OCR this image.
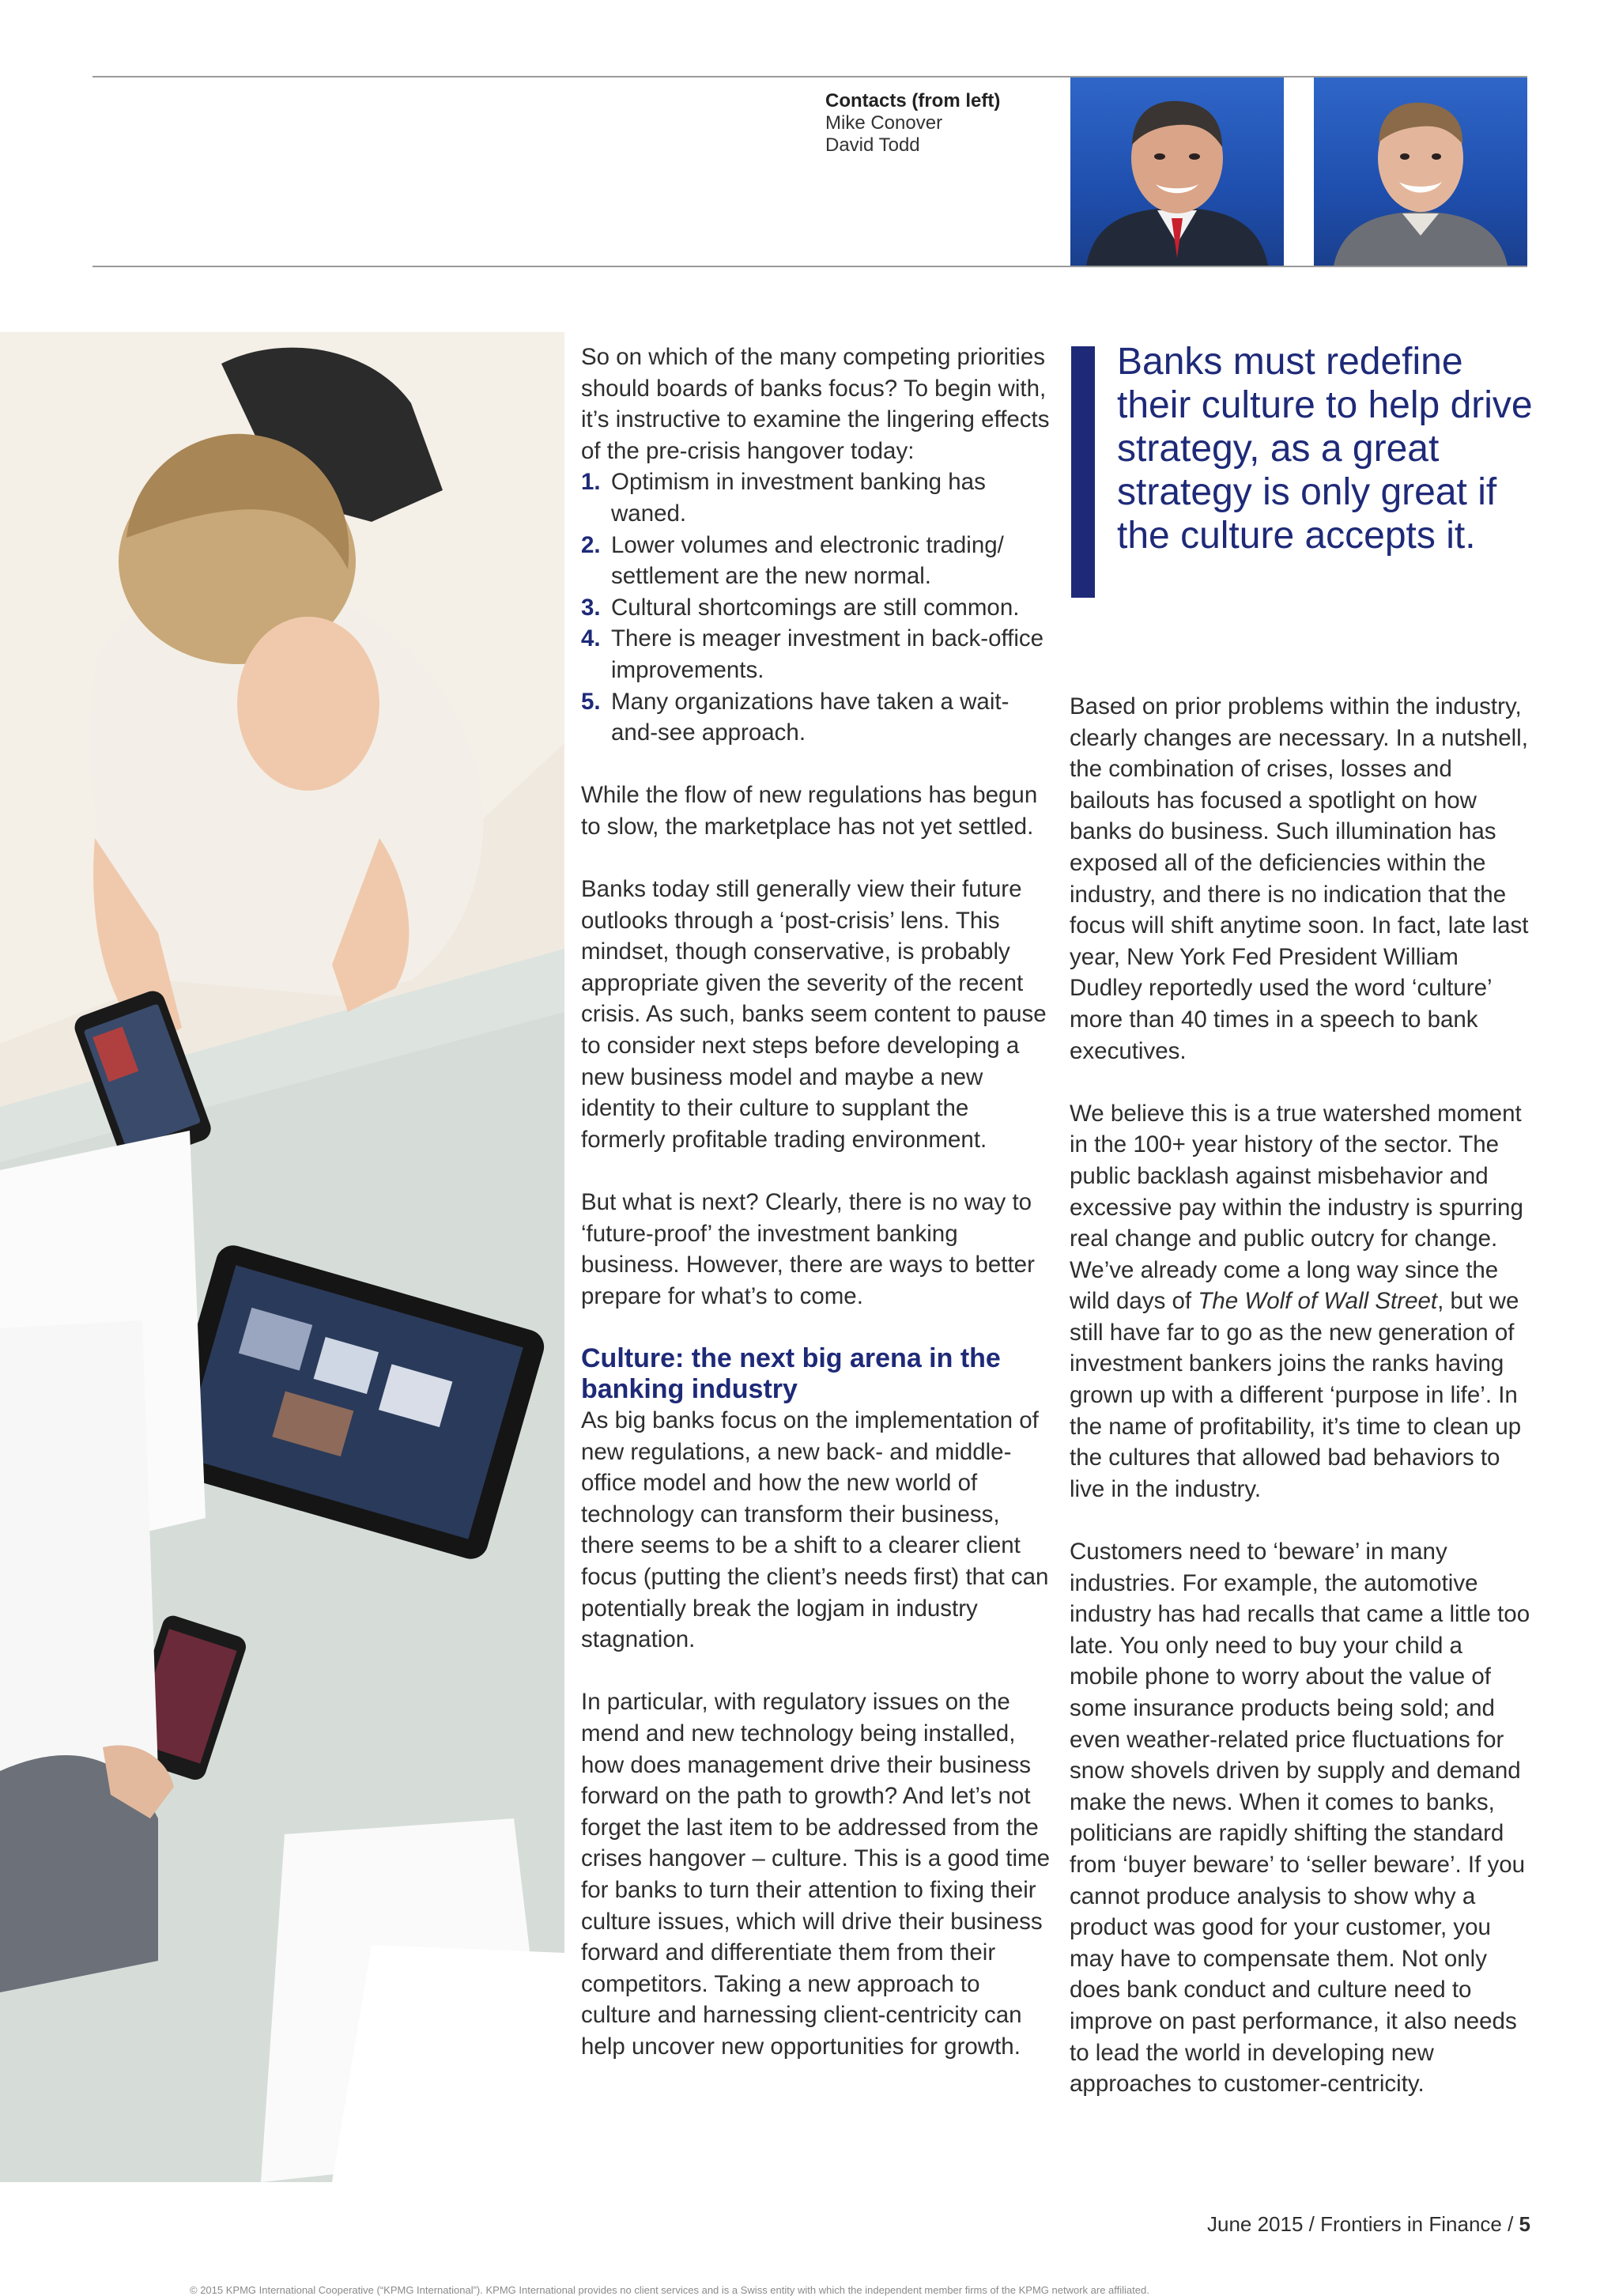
Contacts (from left)
Mike Conover
David Todd

So on which of the many competing priorities should boards of banks focus? To begin with, it’s instructive to examine the lingering effects of the pre-crisis hangover today:

1. Optimism in investment banking has waned.
2. Lower volumes and electronic trading/ settlement are the new normal.
3. Cultural shortcomings are still common.
4. There is meager investment in back-office improvements.
5. Many organizations have taken a wait-and-see approach.

While the flow of new regulations has begun to slow, the marketplace has not yet settled.

Banks today still generally view their future outlooks through a ‘post-crisis’ lens. This mindset, though conservative, is probably appropriate given the severity of the recent crisis. As such, banks seem content to pause to consider next steps before developing a new business model and maybe a new identity to their culture to supplant the formerly profitable trading environment.

But what is next? Clearly, there is no way to ‘future-proof’ the investment banking business. However, there are ways to better prepare for what’s to come.

Culture: the next big arena in the banking industry

As big banks focus on the implementation of new regulations, a new back- and middle-office model and how the new world of technology can transform their business, there seems to be a shift to a clearer client focus (putting the client’s needs first) that can potentially break the logjam in industry stagnation.

In particular, with regulatory issues on the mend and new technology being installed, how does management drive their business forward on the path to growth? And let’s not forget the last item to be addressed from the crises hangover – culture. This is a good time for banks to turn their attention to fixing their culture issues, which will drive their business forward and differentiate them from their competitors. Taking a new approach to culture and harnessing client-centricity can help uncover new opportunities for growth.

Banks must redefine their culture to help drive strategy, as a great strategy is only great if the culture accepts it.

Based on prior problems within the industry, clearly changes are necessary. In a nutshell, the combination of crises, losses and bailouts has focused a spotlight on how banks do business. Such illumination has exposed all of the deficiencies within the industry, and there is no indication that the focus will shift anytime soon. In fact, late last year, New York Fed President William Dudley reportedly used the word ‘culture’ more than 40 times in a speech to bank executives.

We believe this is a true watershed moment in the 100+ year history of the sector. The public backlash against misbehavior and excessive pay within the industry is spurring real change and public outcry for change. We’ve already come a long way since the wild days of The Wolf of Wall Street, but we still have far to go as the new generation of investment bankers joins the ranks having grown up with a different ‘purpose in life’. In the name of profitability, it’s time to clean up the cultures that allowed bad behaviors to live in the industry.

Customers need to ‘beware’ in many industries. For example, the automotive industry has had recalls that came a little too late. You only need to buy your child a mobile phone to worry about the value of some insurance products being sold; and even weather-related price fluctuations for snow shovels driven by supply and demand make the news. When it comes to banks, politicians are rapidly shifting the standard from ‘buyer beware’ to ‘seller beware’. If you cannot produce analysis to show why a product was good for your customer, you may have to compensate them. Not only does bank conduct and culture need to improve on past performance, it also needs to lead the world in developing new approaches to customer-centricity.

June 2015 / Frontiers in Finance / 5
© 2015 KPMG International Cooperative (“KPMG International”). KPMG International provides no client services and is a Swiss entity with which the independent member firms of the KPMG network are affiliated.
